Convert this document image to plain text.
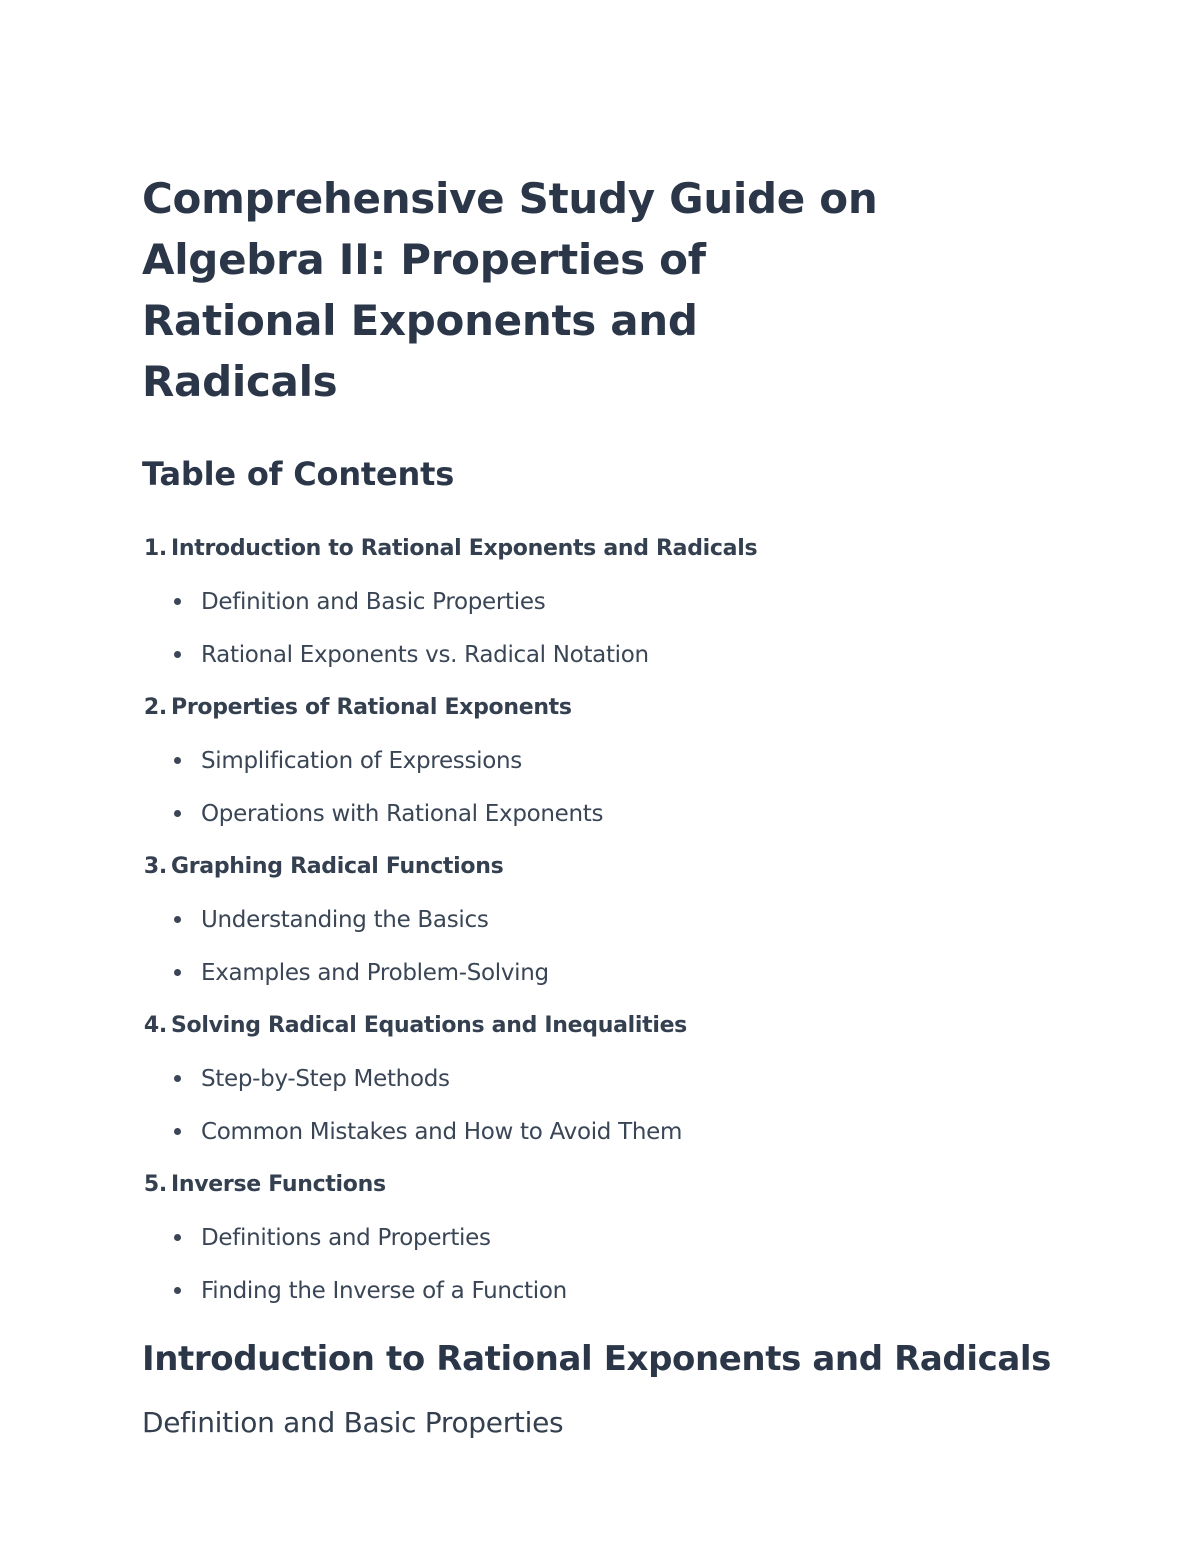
Comprehensive Study Guide on Algebra II: Properties of Rational Exponents and Radicals
Table of Contents
1. Introduction to Rational Exponents and Radicals
Definition and Basic Properties
Rational Exponents vs. Radical Notation
2. Properties of Rational Exponents
Simplification of Expressions
Operations with Rational Exponents
3. Graphing Radical Functions
Understanding the Basics
Examples and Problem-Solving
4. Solving Radical Equations and Inequalities
Step-by-Step Methods
Common Mistakes and How to Avoid Them
5. Inverse Functions
Definitions and Properties
Finding the Inverse of a Function
Introduction to Rational Exponents and Radicals
Definition and Basic Properties
